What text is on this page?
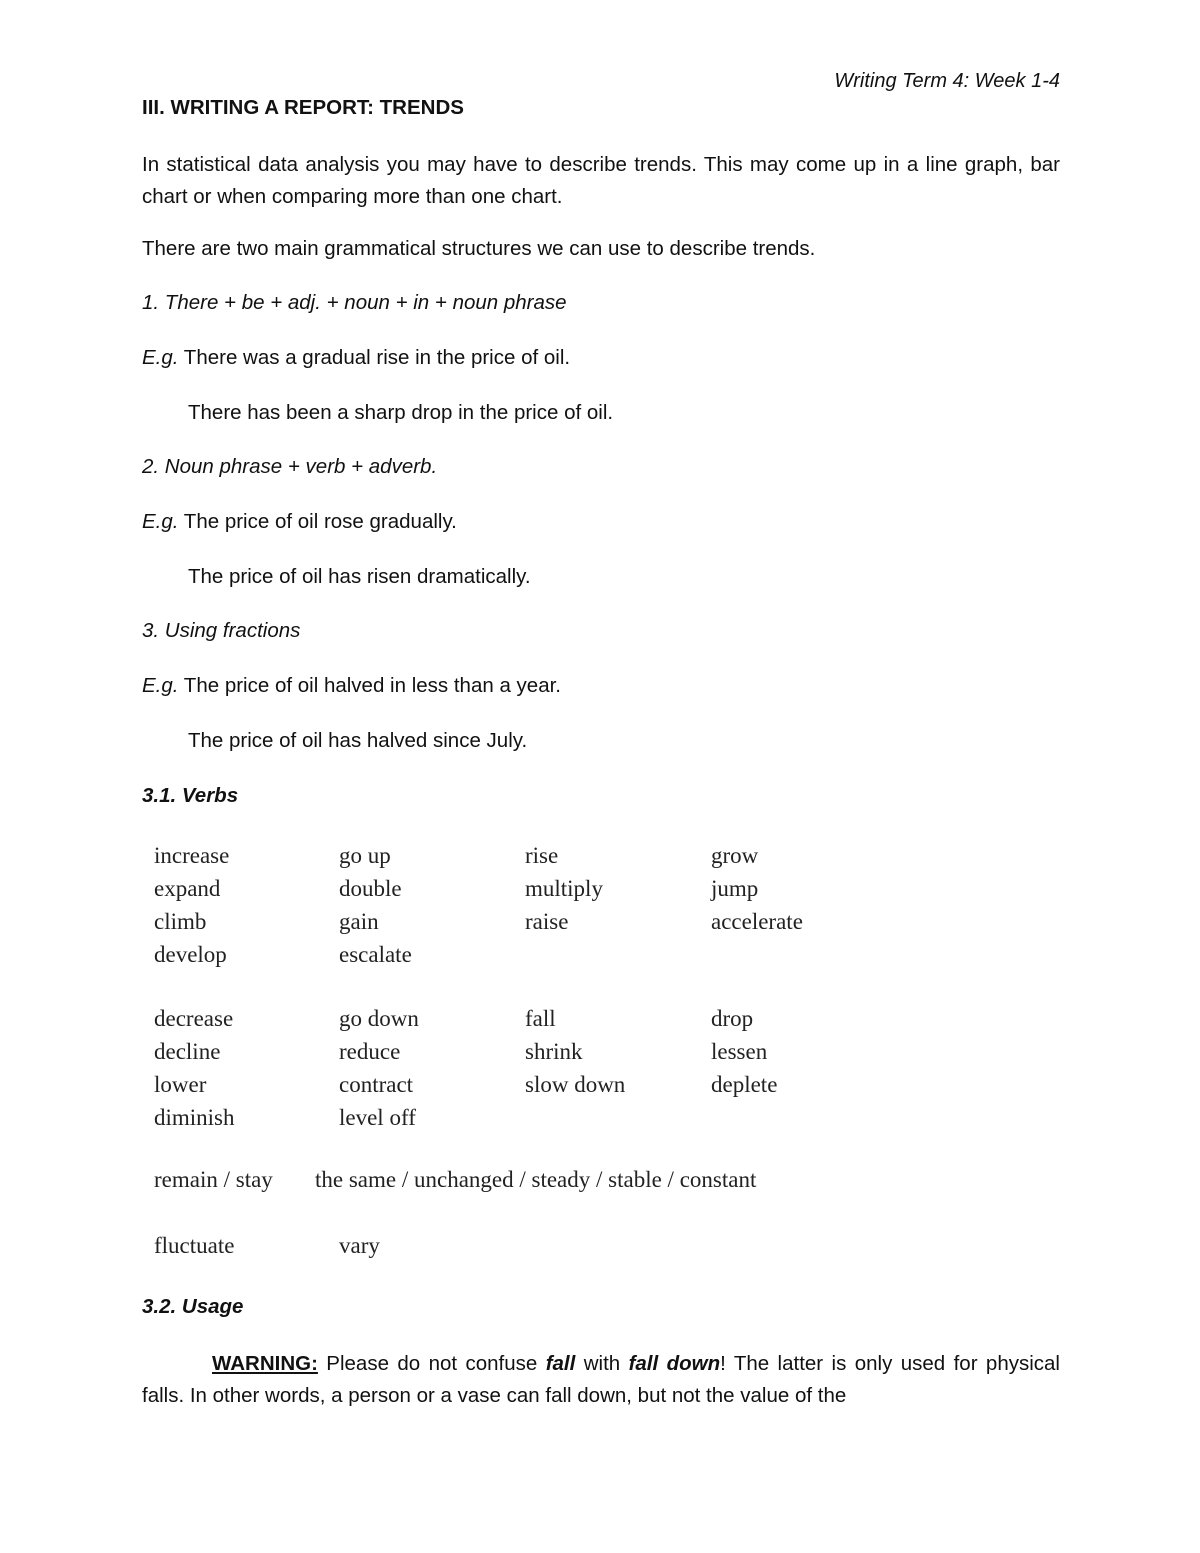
Writing Term 4: Week 1-4
III. WRITING A REPORT: TRENDS
In statistical data analysis you may have to describe trends. This may come up in a line graph, bar chart or when comparing more than one chart.
There are two main grammatical structures we can use to describe trends.
1. There + be + adj. + noun + in + noun phrase
E.g. There was a gradual rise in the price of oil.
There has been a sharp drop in the price of oil.
2. Noun phrase + verb + adverb.
E.g. The price of oil rose gradually.
The price of oil has risen dramatically.
3. Using fractions
E.g. The price of oil halved in less than a year.
The price of oil has halved since July.
3.1. Verbs
increase
expand
climb
develop
go up
double
gain
escalate
rise
multiply
raise
grow
jump
accelerate
decrease
decline
lower
diminish
go down
reduce
contract
level off
fall
shrink
slow down
drop
lessen
deplete
remain / stay the same / unchanged / steady / stable / constant
fluctuate	vary
3.2. Usage
WARNING: Please do not confuse fall with fall down! The latter is only used for physical falls. In other words, a person or a vase can fall down, but not the value of the
